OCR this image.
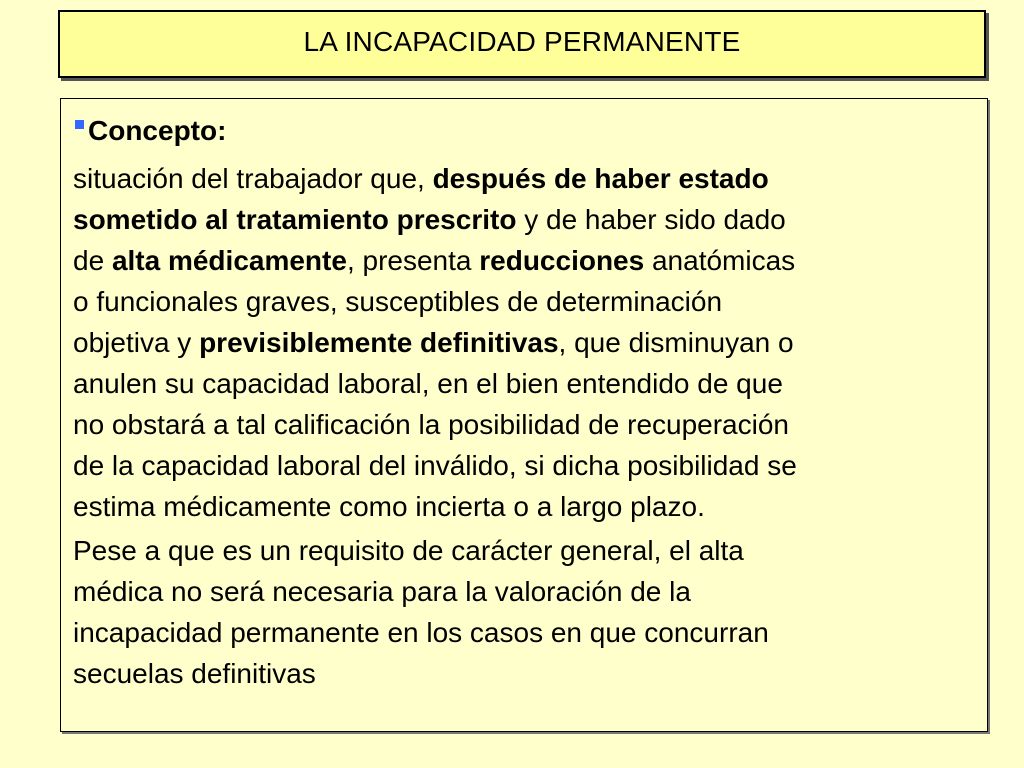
LA INCAPACIDAD PERMANENTE
Concepto:
situación del trabajador que, después de haber estado
sometido al tratamiento prescrito y de haber sido dado
de alta médicamente, presenta reducciones anatómicas
o funcionales graves, susceptibles de determinación
objetiva y previsiblemente definitivas, que disminuyan o
anulen su capacidad laboral, en el bien entendido de que
no obstará a tal calificación la posibilidad de recuperación
de la capacidad laboral del inválido, si dicha posibilidad se
estima médicamente como incierta o a largo plazo.
Pese a que es un requisito de carácter general, el alta
médica no será necesaria para la valoración de la
incapacidad permanente en los casos en que concurran
secuelas definitivas
